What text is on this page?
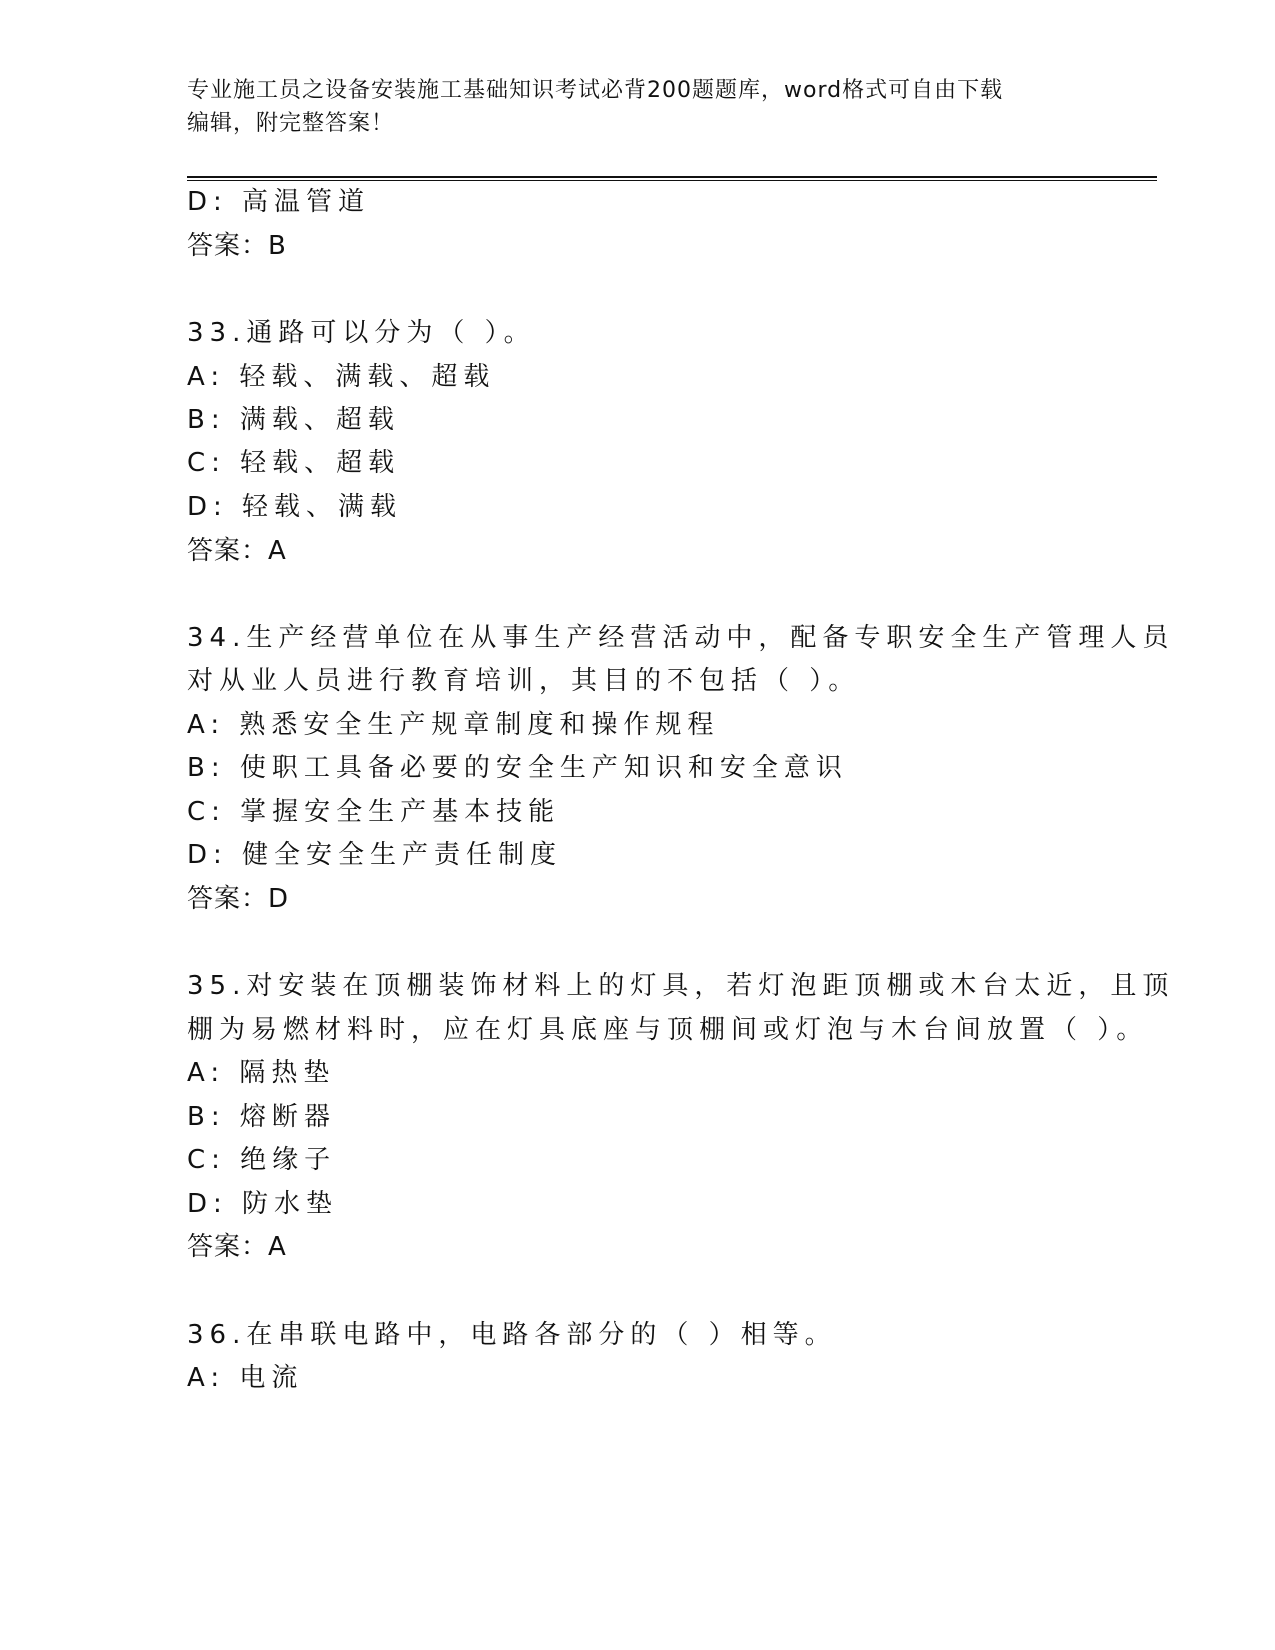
专业施工员之设备安装施工基础知识考试必背200题题库，word格式可自由下载
编辑，附完整答案！
D: 高温管道
答案：B
33.通路可以分为（ ）。
A: 轻载、满载、超载
B: 满载、超载
C: 轻载、超载
D: 轻载、满载
答案：A
34.生产经营单位在从事生产经营活动中，配备专职安全生产管理人员
对从业人员进行教育培训，其目的不包括（ ）。
A: 熟悉安全生产规章制度和操作规程
B: 使职工具备必要的安全生产知识和安全意识
C: 掌握安全生产基本技能
D: 健全安全生产责任制度
答案：D
35.对安装在顶棚装饰材料上的灯具，若灯泡距顶棚或木台太近，且顶
棚为易燃材料时，应在灯具底座与顶棚间或灯泡与木台间放置（ ）。
A: 隔热垫
B: 熔断器
C: 绝缘子
D: 防水垫
答案：A
36.在串联电路中，电路各部分的（ ）相等。
A: 电流
